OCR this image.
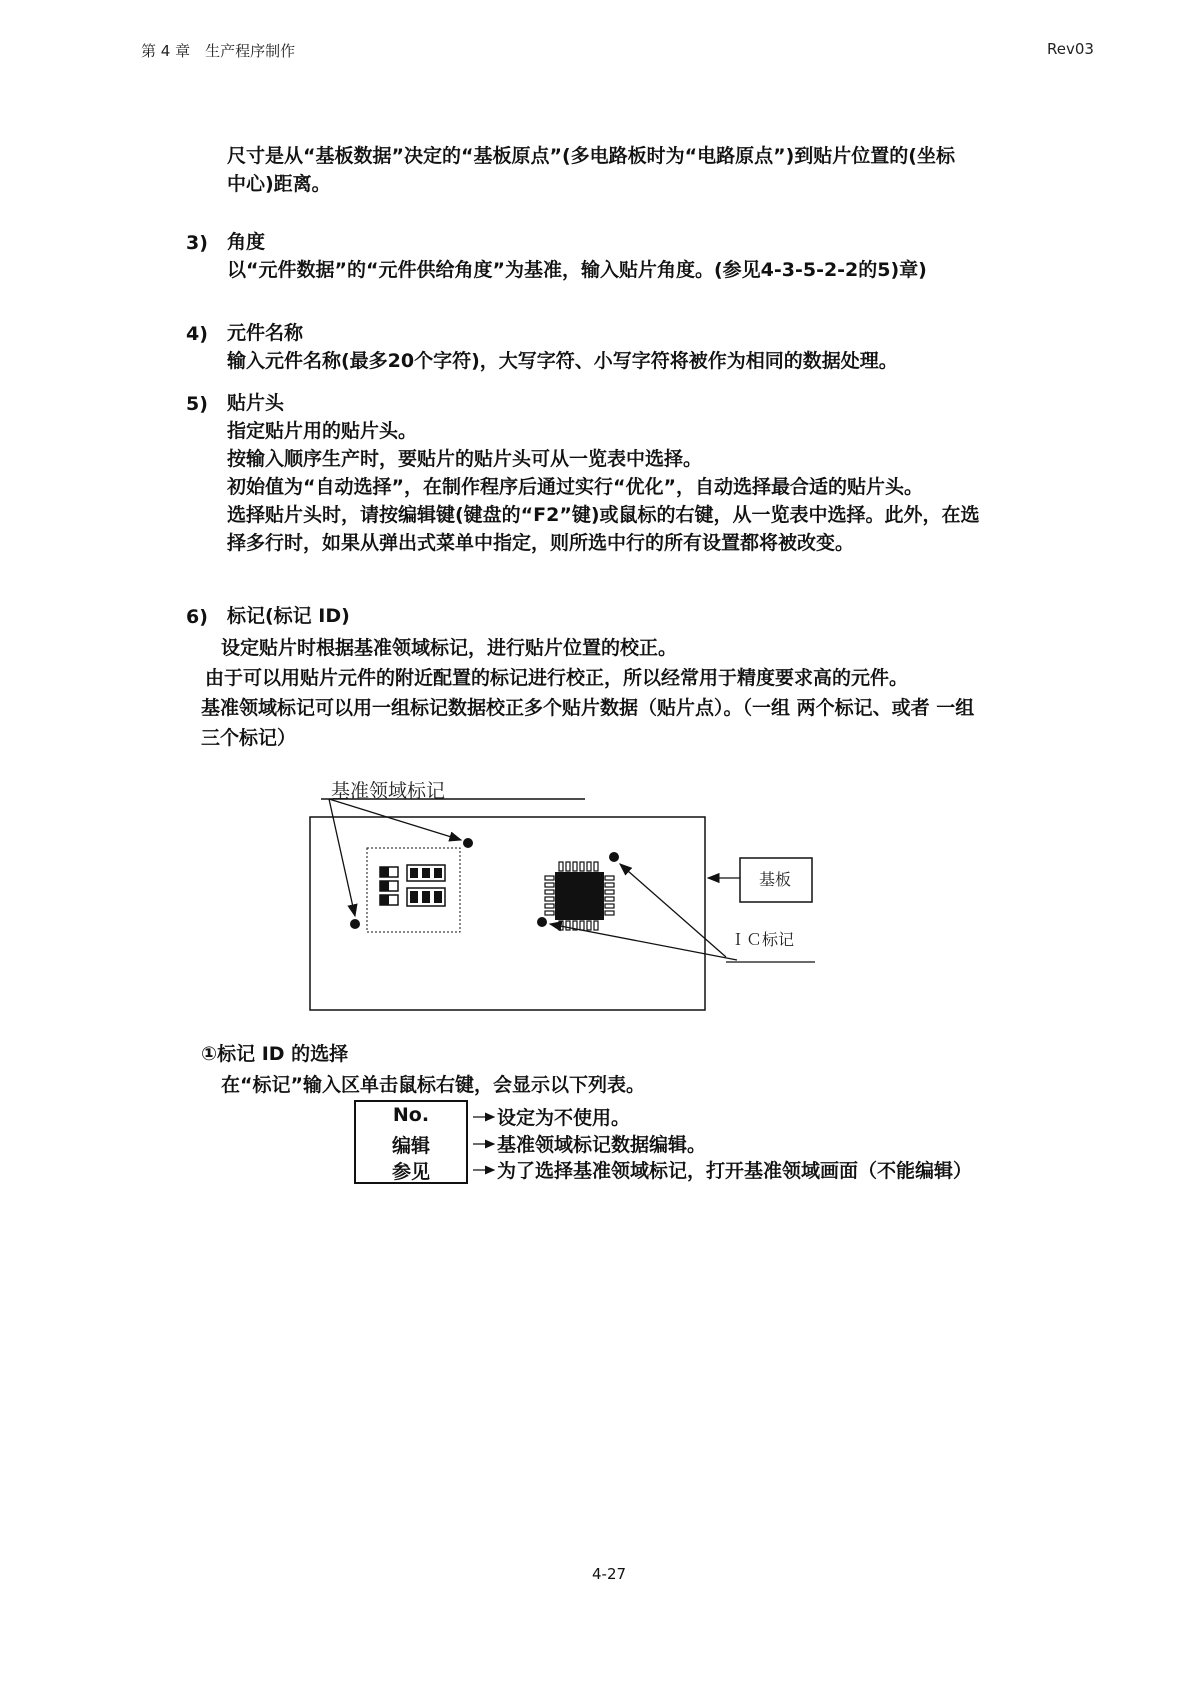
第 4 章　生产程序制作	Rev03
尺寸是从“基板数据”决定的“基板原点”(多电路板时为“电路原点”)到贴片位置的(坐标
中心)距离。
3) 角度
以“元件数据”的“元件供给角度”为基准，输入贴片角度。(参见4-3-5-2-2的5)章)
4) 元件名称
输入元件名称(最多20个字符)，大写字符、小写字符将被作为相同的数据处理。
5) 贴片头
指定贴片用的贴片头。
按输入顺序生产时，要贴片的贴片头可从一览表中选择。
初始值为“自动选择”，在制作程序后通过实行“优化”，自动选择最合适的贴片头。
选择贴片头时，请按编辑键(键盘的“F2”键)或鼠标的右键，从一览表中选择。此外，在选
择多行时，如果从弹出式菜单中指定，则所选中行的所有设置都将被改变。
6) 标记(标记 ID)
设定贴片时根据基准领域标记，进行贴片位置的校正。
由于可以用贴片元件的附近配置的标记进行校正，所以经常用于精度要求高的元件。
基准领域标记可以用一组标记数据校正多个贴片数据（贴片点）。（一组 两个标记、或者 一组
三个标记）
基准领域标记
基板
ＩＣ标记
①标记 ID 的选择
在“标记”输入区单击鼠标右键，会显示以下列表。
No.
编辑
参见
设定为不使用。
基准领域标记数据编辑。
为了选择基准领域标记，打开基准领域画面（不能编辑）
4-27
